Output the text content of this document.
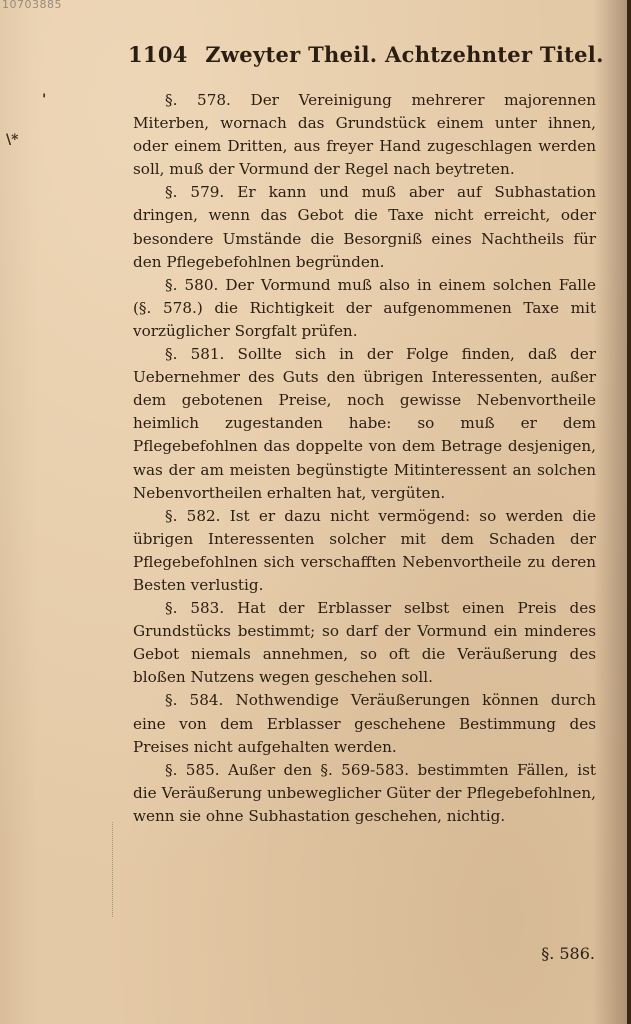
10703885
1104 Zweyter Theil. Achtzehnter Titel.
'
\*

§. 578. Der Vereinigung mehrerer majorennen Miterben, wornach das Grundstück einem unter ihnen, oder einem Dritten, aus freyer Hand zugeschlagen werden soll, muß der Vormund der Regel nach beytreten.

§. 579. Er kann und muß aber auf Subhastation dringen, wenn das Gebot die Taxe nicht erreicht, oder besondere Umstände die Besorgniß eines Nachtheils für den Pflegebefohlnen begründen.

§. 580. Der Vormund muß also in einem solchen Falle (§. 578.) die Richtigkeit der aufgenommenen Taxe mit vorzüglicher Sorgfalt prüfen.

§. 581. Sollte sich in der Folge finden, daß der Uebernehmer des Guts den übrigen Interessenten, außer dem gebotenen Preise, noch gewisse Nebenvortheile heimlich zugestanden habe: so muß er dem Pflegebefohlnen das doppelte von dem Betrage desjenigen, was der am meisten begünstigte Mitinteressent an solchen Nebenvortheilen erhalten hat, vergüten.

§. 582. Ist er dazu nicht vermögend: so werden die übrigen Interessenten solcher mit dem Schaden der Pflegebefohlnen sich verschafften Nebenvortheile zu deren Besten verlustig.

§. 583. Hat der Erblasser selbst einen Preis des Grundstücks bestimmt; so darf der Vormund ein minderes Gebot niemals annehmen, so oft die Veräußerung des bloßen Nutzens wegen geschehen soll.

§. 584. Nothwendige Veräußerungen können durch eine von dem Erblasser geschehene Bestimmung des Preises nicht aufgehalten werden.

§. 585. Außer den §. 569-583. bestimmten Fällen, ist die Veräußerung unbeweglicher Güter der Pflegebefohlnen, wenn sie ohne Subhastation geschehen, nichtig.

§. 586.
